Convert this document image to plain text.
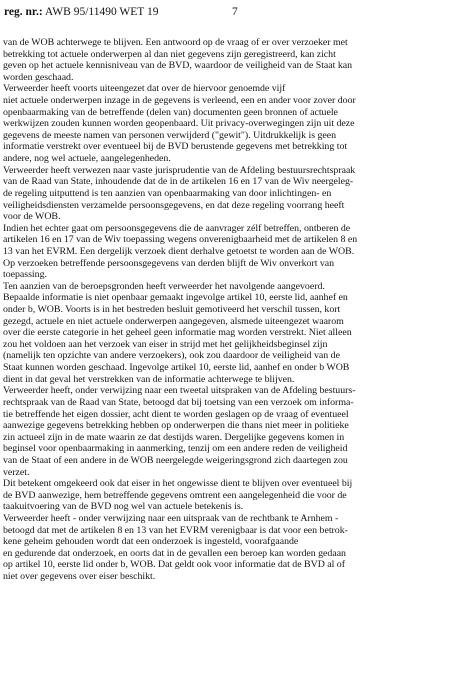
reg. nr.: AWB 95/11490 WET 19	7
van de WOB achterwege te blijven. Een antwoord op de vraag of er over verzoeker met
betrekking tot actuele onderwerpen al dan niet gegevens zijn geregistreerd, kan zicht
geven op het actuele kennisniveau van de BVD, waardoor de veiligheid van de Staat kan
worden geschaad.
Verweerder heeft voorts uiteengezet dat over de hiervoor genoemde vijf
niet actuele onderwerpen inzage in de gegevens is verleend, een en ander voor zover door
openbaarmaking van de betreffende (delen van) documenten geen bronnen of actuele
werkwijzen zouden kunnen worden geopenbaard. Uit privacy-overwegingen zijn uit deze
gegevens de meeste namen van personen verwijderd ("gewit"). Uitdrukkelijk is geen
informatie verstrekt over eventueel bij de BVD berustende gegevens met betrekking tot
andere, nog wel actuele, aangelegenheden.
Verweerder heeft verwezen naar vaste jurisprudentie van de Afdeling bestuursrechtspraak
van de Raad van State, inhoudende dat de in de artikelen 16 en 17 van de Wiv neergeleg-
de regeling uitputtend is ten aanzien van openbaarmaking van door inlichtingen- en
veiligheidsdiensten verzamelde persoonsgegevens, en dat deze regeling voorrang heeft
voor de WOB.
Indien het echter gaat om persoonsgegevens die de aanvrager zélf betreffen, ontberen de
artikelen 16 en 17 van de Wiv toepassing wegens onverenigbaarheid met de artikelen 8 en
13 van het EVRM. Een dergelijk verzoek dient derhalve getoetst te worden aan de WOB.
Op verzoeken betreffende persoonsgegevens van derden blijft de Wiv onverkort van
toepassing.
Ten aanzien van de beroepsgronden heeft verweerder het navolgende aangevoerd.
Bepaalde informatie is niet openbaar gemaakt ingevolge artikel 10, eerste lid, aanhef en
onder b, WOB. Voorts is in het bestreden besluit gemotiveerd het verschil tussen, kort
gezegd, actuele en niet actuele onderwerpen aangegeven, alsmede uiteengezet waarom
over die eerste categorie in het geheel geen informatie mag worden verstrekt. Niet alleen
zou het voldoen aan het verzoek van eiser in strijd met het gelijkheidsbeginsel zijn
(namelijk ten opzichte van andere verzoekers), ook zou daardoor de veiligheid van de
Staat kunnen worden geschaad. Ingevolge artikel 10, eerste lid, aanhef en onder b WOB
dient in dat geval het verstrekken van de informatie achterwege te blijven.
Verweerder heeft, onder verwijzing naar een tweetal uitspraken van de Afdeling bestuurs-
rechtspraak van de Raad van State, betoogd dat bij toetsing van een verzoek om informa-
tie betreffende het eigen dossier, acht dient te worden geslagen op de vraag of eventueel
aanwezige gegevens betrekking hebben op onderwerpen die thans niet meer in politieke
zin actueel zijn in de mate waarin ze dat destijds waren. Dergelijke gegevens komen in
beginsel voor openbaarmaking in aanmerking, tenzij om een andere reden de veiligheid
van de Staat of een andere in de WOB neergelegde weigeringsgrond zich daartegen zou
verzet.
Dit betekent omgekeerd ook dat eiser in het ongewisse dient te blijven over eventueel bij
de BVD aanwezige, hem betreffende gegevens omtrent een aangelegenheid die voor de
taakuitvoering van de BVD nog wel van actuele betekenis is.
Verweerder heeft - onder verwijzing naar een uitspraak van de rechtbank te Arnhem -
betoogd dat met de artikelen 8 en 13 van het EVRM verenigbaar is dat voor een betrok-
kene geheim gehouden wordt dat een onderzoek is ingesteld, voorafgaande
en gedurende dat onderzoek, en oorts dat in de gevallen een beroep kan worden gedaan
op artikel 10, eerste lid onder b, WOB. Dat geldt ook voor informatie dat de BVD al of
niet over gegevens over eiser beschikt.
